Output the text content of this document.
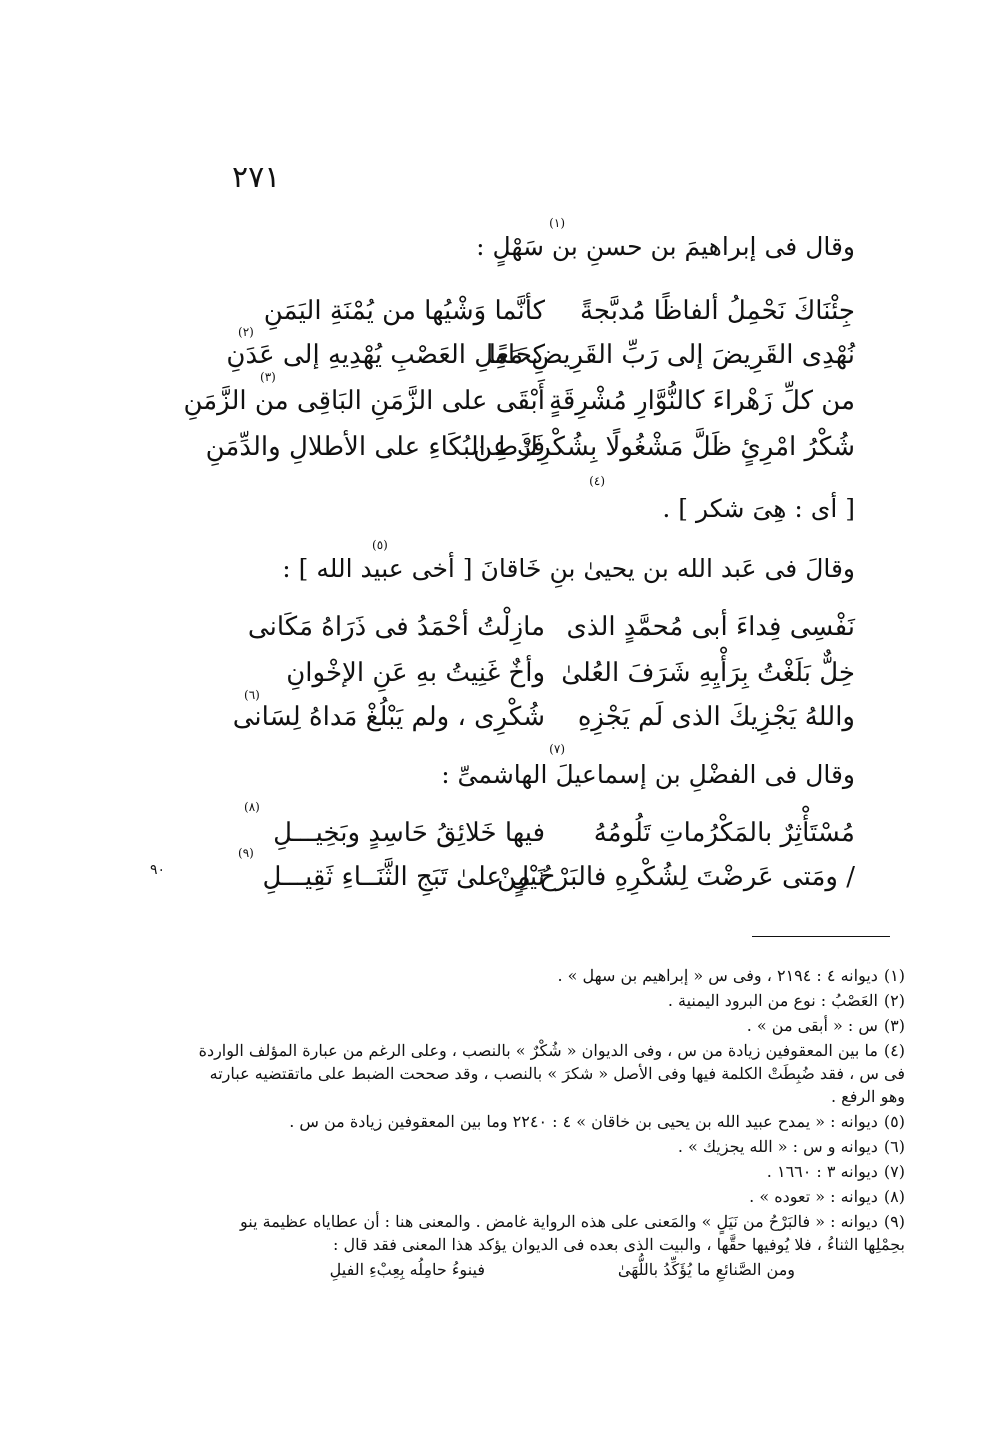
٢٧١
(١)
وقال فى إبراهيمَ بن حسنِ بن سَهْلٍ :
جِئْنَاكَ نَحْمِلُ ألفاظًا مُدبَّجةً
كأنَّما وَشْيُها من يُمْنَةِ اليَمَنِ
(٢)
نُهْدِى القَرِيضَ إلى رَبِّ القَرِيضِ مَعًا
كحَامِلِ العَصْبِ يُهْدِيهِ إلى عَدَنِ
(٣)
من كلِّ زَهْراءَ كالنُّوَّارِ مُشْرِقَةٍ
أَبْقَى على الزَّمَنِ البَاقِى من الزَّمَنِ
شُكْرُ امْرِئٍ ظَلَّ مَشْغُولًا بِشُكْرِكَ عن
فَرْطِ البُكَاءِ على الأطلالِ والدِّمَنِ
(٤)
[ أى : هِىَ شكر ] .
(٥)
وقالَ فى عَبد الله بن يحيىٰ بنِ خَاقانَ [ أخى عبيد الله ] :
نَفْسِى فِداءَ أبى مُحمَّدٍ الذى
مازِلْتُ أحْمَدُ فى ذَرَاهُ مَكَانى
خِلٌّ بَلَغْتُ بِرَأْيِهِ شَرَفَ العُلىٰ
وأخٌ غَنِيتُ بهِ عَنِ الإخْوانِ
(٦)
واللهُ يَجْزِيكَ الذى لَم يَجْزِهِ
شُكْرِى ، ولم يَبْلُغْ مَداهُ لِسَانى
(٧)
وقال فى الفضْلِ بن إسماعيلَ الهاشمىِّ :
(٨)
مُسْتَأْثِرٌ بالمَكْرُماتِ تَلُومُهُ
فيها خَلائِقُ حَاسِدٍ وبَخِيـــلِ
(٩)
/ ومَتى عَرضْتَ لِشُكْرِهِ فالبَرْحُ مِنْ
نَيْلٍ علىٰ تَبَجِ الثَّنَــاءِ ثَقِيـــلِ
٩٠
(١)ديوانه ٤ : ٢١٩٤ ، وفى س « إبراهيم بن سهل » .
(٢)العَصْبُ : نوع من البرود اليمنية .
(٣)س : « أبقى من » .
(٤)ما بين المعقوفين زيادة من س ، وفى الديوان « شُكْرٌ » بالنصب ، وعلى الرغم من عبارة المؤلف الواردة فى س ، فقد ضُبِطَتْ الكلمة فيها وفى الأصل « شكرَ » بالنصب ، وقد صححت الضبط على ماتقتضيه عبارته وهو الرفع .
(٥)ديوانه : « يمدح عبيد الله بن يحيى بن خاقان » ٤ : ٢٢٤٠ وما بين المعقوفين زيادة من س .
(٦)ديوانه و س : « الله يجزيك » .
(٧)ديوانه ٣ : ١٦٦٠ .
(٨)ديوانه : « تعوده » .
(٩)ديوانه : « فالبَرْحُ من نَيَلٍ » والمَعنى على هذه الرواية غامض . والمعنى هنا : أن عطاياه عظيمة ينو بحِمْلِها الثناءُ ، فلا يُوفيها حقَّها ، والبيت الذى بعده فى الديوان يؤكد هذا المعنى فقد قال :
ومن الصَّنائعِ ما يُؤَكِّدُ باللُّهَىٰ
فينوءُ حامِلُه بِعِبْءِ الفيلِ
